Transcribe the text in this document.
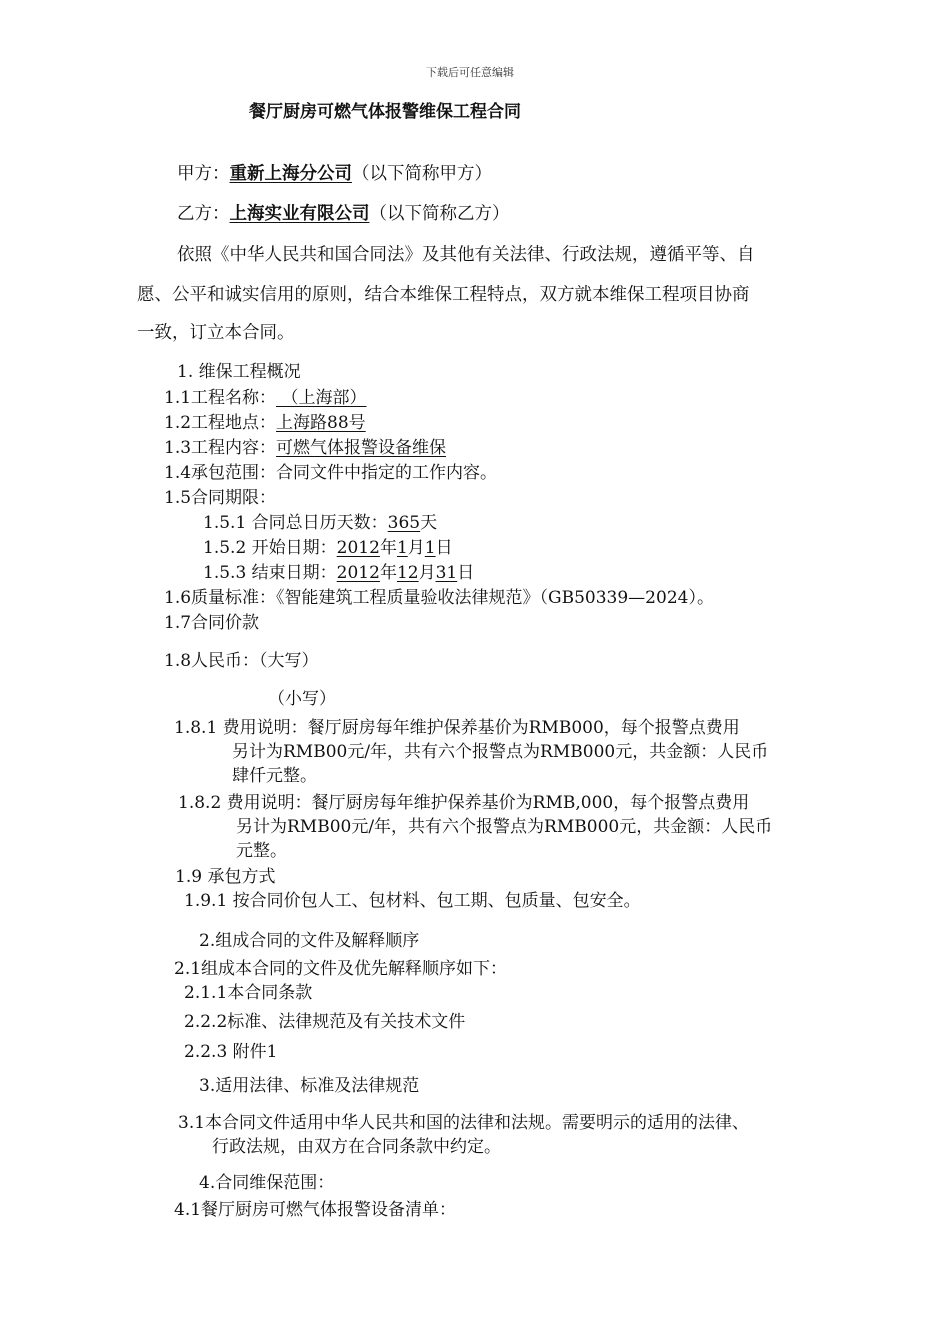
下载后可任意编辑
餐厅厨房可燃气体报警维保工程合同
甲方：重新上海分公司（以下简称甲方）
乙方：上海实业有限公司（以下简称乙方）
依照《中华人民共和国合同法》及其他有关法律、行政法规，遵循平等、自
愿、公平和诚实信用的原则，结合本维保工程特点，双方就本维保工程项目协商
一致，订立本合同。
1. 维保工程概况
1.1工程名称： （上海部）
1.2工程地点：上海路88号
1.3工程内容：可燃气体报警设备维保
1.4承包范围：合同文件中指定的工作内容。
1.5合同期限：
1.5.1 合同总日历天数：365天
1.5.2 开始日期：2012年1月1日
1.5.3 结束日期：2012年12月31日
1.6质量标准：《智能建筑工程质量验收法律规范》（GB50339—2024）。
1.7合同价款
1.8人民币：（大写）
（小写）
1.8.1 费用说明：餐厅厨房每年维护保养基价为RMB000，每个报警点费用
另计为RMB00元/年，共有六个报警点为RMB000元，共金额：人民币
肆仟元整。
1.8.2 费用说明：餐厅厨房每年维护保养基价为RMB,000，每个报警点费用
另计为RMB00元/年，共有六个报警点为RMB000元，共金额：人民币
元整。
1.9 承包方式
1.9.1 按合同价包人工、包材料、包工期、包质量、包安全。
2.组成合同的文件及解释顺序
2.1组成本合同的文件及优先解释顺序如下：
2.1.1本合同条款
2.2.2标准、法律规范及有关技术文件
2.2.3 附件1
3.适用法律、标准及法律规范
3.1本合同文件适用中华人民共和国的法律和法规。需要明示的适用的法律、
行政法规，由双方在合同条款中约定。
4.合同维保范围：
4.1餐厅厨房可燃气体报警设备清单：
